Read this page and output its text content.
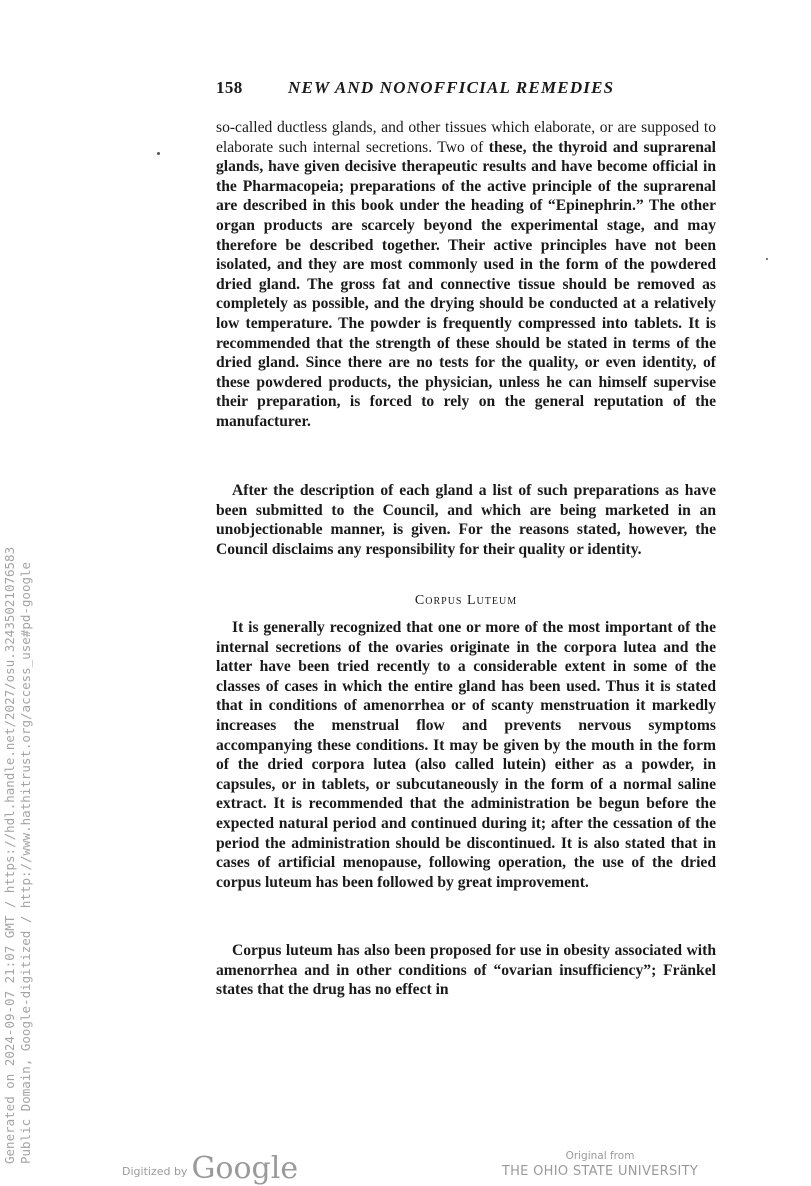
158	NEW AND NONOFFICIAL REMEDIES

so-called ductless glands, and other tissues which elaborate, or are supposed to elaborate such internal secretions. Two of these, the thyroid and suprarenal glands, have given decisive therapeutic results and have become official in the Pharmacopeia; preparations of the active principle of the suprarenal are described in this book under the heading of “Epinephrin.” The other organ products are scarcely beyond the experimental stage, and may therefore be described together. Their active principles have not been isolated, and they are most commonly used in the form of the powdered dried gland. The gross fat and connective tissue should be removed as completely as possible, and the drying should be conducted at a relatively low temperature. The powder is frequently compressed into tablets. It is recommended that the strength of these should be stated in terms of the dried gland. Since there are no tests for the quality, or even identity, of these powdered products, the physician, unless he can himself supervise their preparation, is forced to rely on the general reputation of the manufacturer.

After the description of each gland a list of such preparations as have been submitted to the Council, and which are being marketed in an unobjectionable manner, is given. For the reasons stated, however, the Council disclaims any responsibility for their quality or identity.

Corpus Luteum

It is generally recognized that one or more of the most important of the internal secretions of the ovaries originate in the corpora lutea and the latter have been tried recently to a considerable extent in some of the classes of cases in which the entire gland has been used. Thus it is stated that in conditions of amenorrhea or of scanty menstruation it markedly increases the menstrual flow and prevents nervous symptoms accompanying these conditions. It may be given by the mouth in the form of the dried corpora lutea (also called lutein) either as a powder, in capsules, or in tablets, or subcutaneously in the form of a normal saline extract. It is recommended that the administration be begun before the expected natural period and continued during it; after the cessation of the period the administration should be discontinued. It is also stated that in cases of artificial menopause, following operation, the use of the dried corpus luteum has been followed by great improvement.

Corpus luteum has also been proposed for use in obesity associated with amenorrhea and in other conditions of “ovarian insufficiency”; Fränkel states that the drug has no effect in

Generated on 2024-09-07 21:07 GMT / https://hdl.handle.net/2027/osu.32435021076583 Public Domain, Google-digitized / http://www.hathitrust.org/access_use#pd-google
Digitized by Google	Original from
THE OHIO STATE UNIVERSITY
